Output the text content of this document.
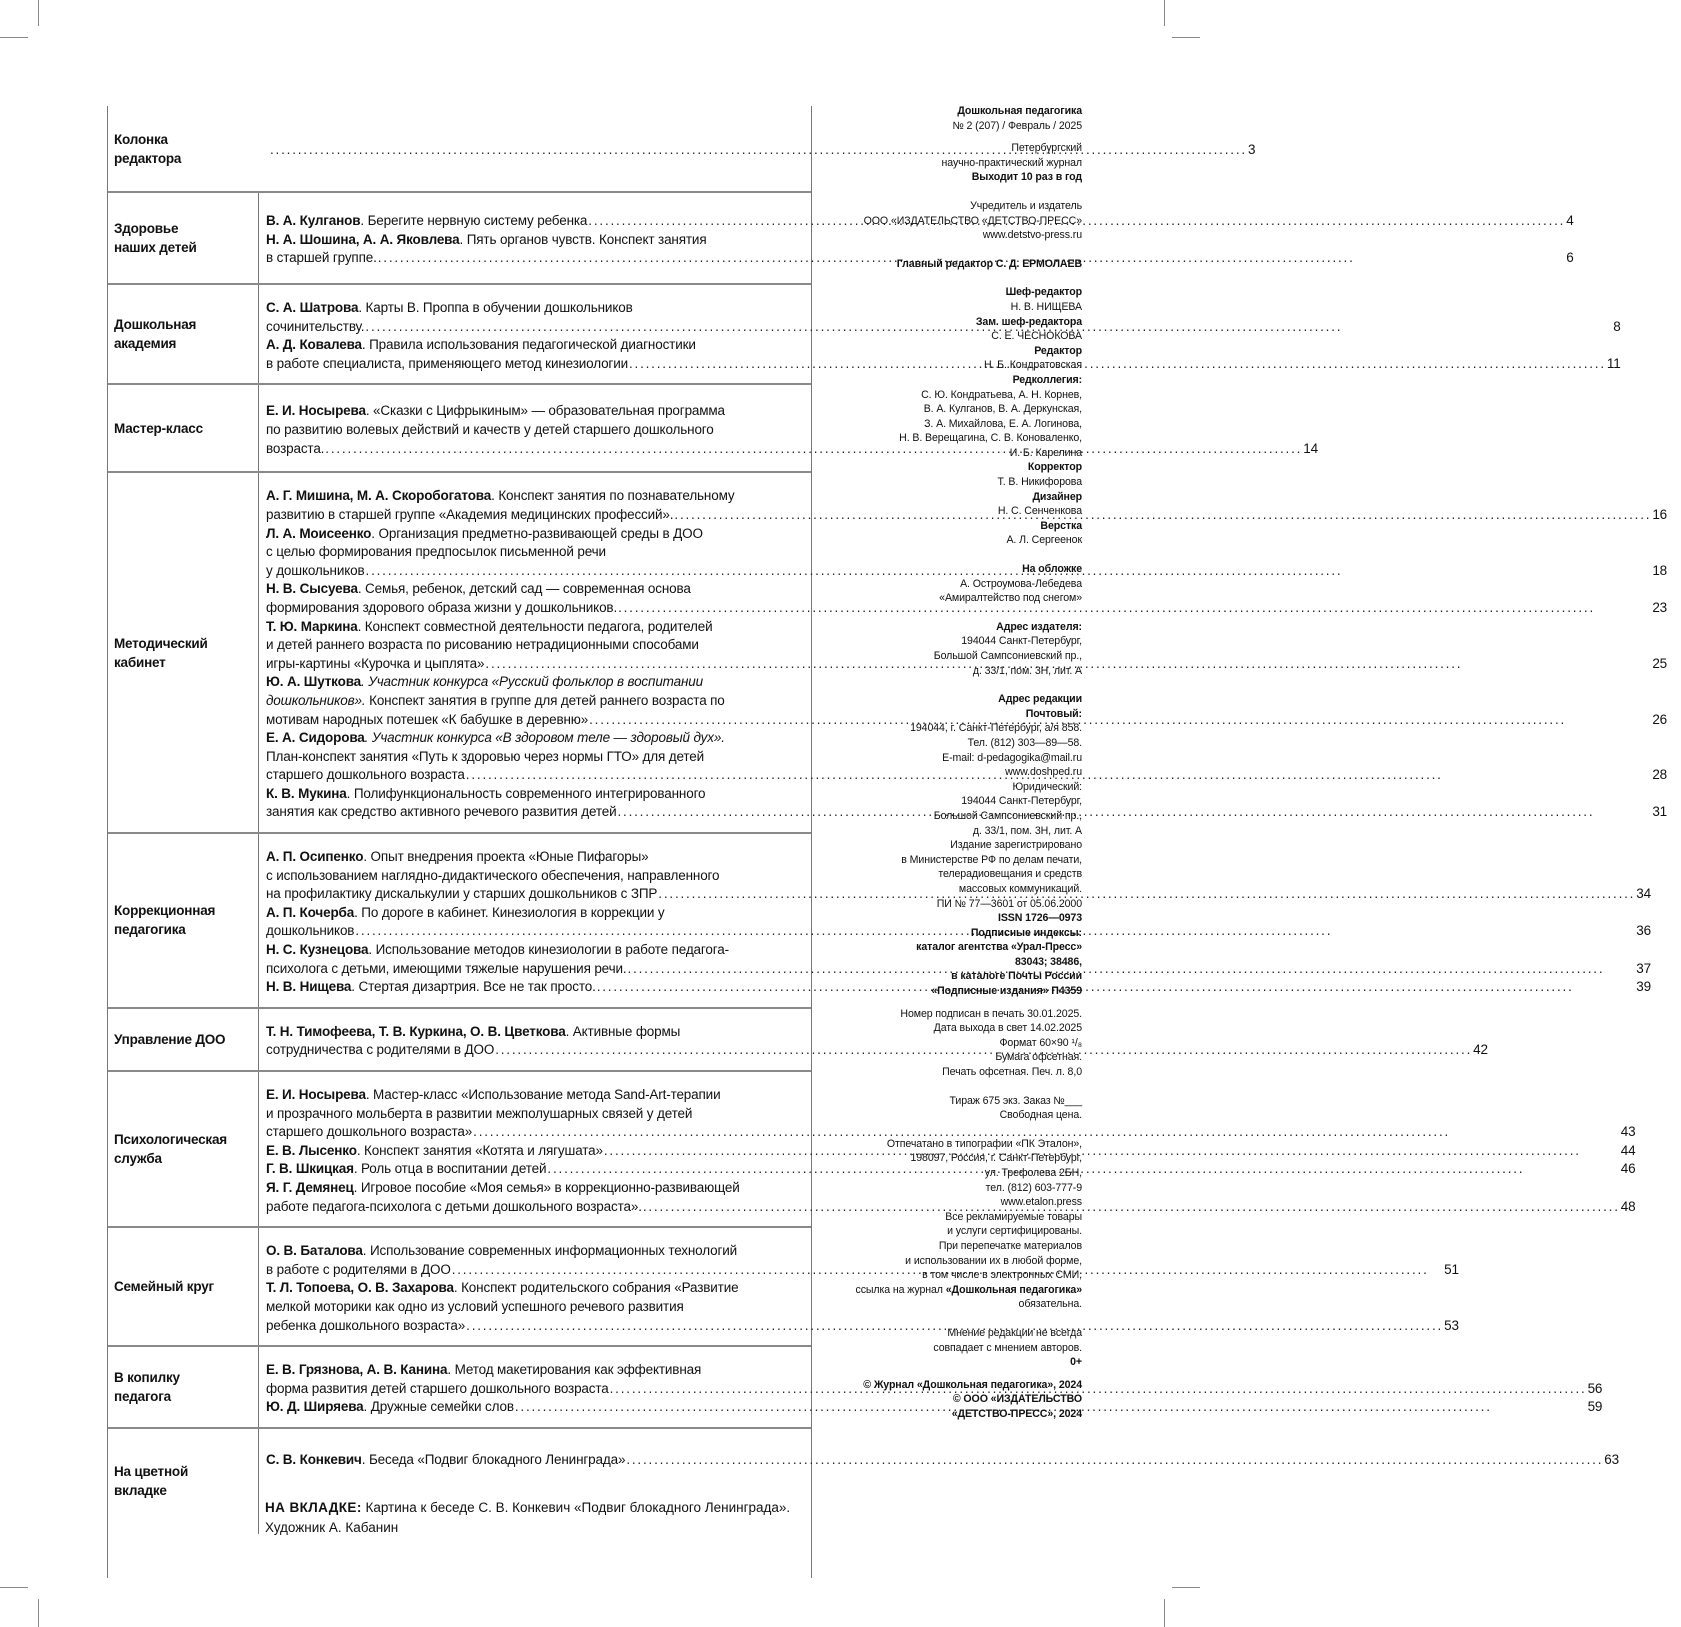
Колонка
редактора
.....
3
Здоровье
наших детей
В. А. Кулганов. Берегите нервную систему ребенка .....	4
Н. А. Шошина, А. А. Яковлева. Пять органов чувств. Конспект занятия
в старшей группе. .....	6
Дошкольная
академия
С. А. Шатрова. Карты В. Проппа в обучении дошкольников
сочинительству. .....	8
А. Д. Ковалева. Правила использования педагогической диагностики
в работе специалиста, применяющего метод кинезиологии .....	11
Мастер-класс
Е. И. Носырева. «Сказки с Цифрыкиным» — образовательная программа
по развитию волевых действий и качеств у детей старшего дошкольного
возраста. .....	14
Методический
кабинет
А. Г. Мишина, М. А. Скоробогатова. Конспект занятия по познавательному
развитию в старшей группе «Академия медицинских профессий». .....	16
Л. А. Моисеенко. Организация предметно-развивающей среды в ДОО
с целью формирования предпосылок письменной речи
у дошкольников .....	18
Н. В. Сысуева. Семья, ребенок, детский сад — современная основа
формирования здорового образа жизни у дошкольников. .....	23
Т. Ю. Маркина. Конспект совместной деятельности педагога, родителей
и детей раннего возраста по рисованию нетрадиционными способами
игры-картины «Курочка и цыплята» .....	25
Ю. А. Шуткова. Участник конкурса «Русский фольклор в воспитании
дошкольников». Конспект занятия в группе для детей раннего возраста по
мотивам народных потешек «К бабушке в деревню» .....	26
Е. А. Сидорова. Участник конкурса «В здоровом теле — здоровый дух».
План-конспект занятия «Путь к здоровью через нормы ГТО» для детей
старшего дошкольного возраста .....	28
К. В. Мукина. Полифункциональность современного интегрированного
занятия как средство активного речевого развития детей .....	31
Коррекционная
педагогика
А. П. Осипенко. Опыт внедрения проекта «Юные Пифагоры»
с использованием наглядно-дидактического обеспечения, направленного
на профилактику дискалькулии у старших дошкольников с ЗПР .....	34
А. П. Кочерба. По дороге в кабинет. Кинезиология в коррекции у
дошкольников .....	36
Н. С. Кузнецова. Использование методов кинезиологии в работе педагога-
психолога с детьми, имеющими тяжелые нарушения речи. .....	37
Н. В. Нищева. Стертая дизартрия. Все не так просто. .....	39
Управление ДОО
Т. Н. Тимофеева, Т. В. Куркина, О. В. Цветкова. Активные формы
сотрудничества с родителями в ДОО .....	42
Психологическая
служба
Е. И. Носырева. Мастер-класс «Использование метода Sand-Art-терапии
и прозрачного мольберта в развитии межполушарных связей у детей
старшего дошкольного возраста» .....	43
Е. В. Лысенко. Конспект занятия «Котята и лягушата» .....	44
Г. В. Шкицкая. Роль отца в воспитании детей .....	46
Я. Г. Демянец. Игровое пособие «Моя семья» в коррекционно-развивающей
работе педагога-психолога с детьми дошкольного возраста». .....	48
Семейный круг
О. В. Баталова. Использование современных информационных технологий
в работе с родителями в ДОО .....	51
Т. Л. Топоева, О. В. Захарова. Конспект родительского собрания «Развитие
мелкой моторики как одно из условий успешного речевого развития
ребенка дошкольного возраста» .....	53
В копилку
педагога
Е. В. Грязнова, А. В. Канина. Метод макетирования как эффективная
форма развития детей старшего дошкольного возраста .....	56
Ю. Д. Ширяева. Дружные семейки слов .....	59
На цветной
вкладке
С. В. Конкевич. Беседа «Подвиг блокадного Ленинграда» .....	63
НА ВКЛАДКЕ: Картина к беседе С. В. Конкевич «Подвиг блокадного Ленинграда». Художник А. Кабанин

Дошкольная педагогика

№ 2 (207) / Февраль / 2025

Петербургский

научно-практический журнал

Выходит 10 раз в год

Учредитель и издатель

ООО «ИЗДАТЕЛЬСТВО «ДЕТСТВО-ПРЕСС»

www.detstvo-press.ru

Главный редактор С. Д. ЕРМОЛАЕВ

Шеф-редактор

Н. В. НИЩЕВА

Зам. шеф-редактора

С. Е. ЧЕСНОКОВА

Редактор

Н. Б. Кондратовская

Редколлегия:

С. Ю. Кондратьева, А. Н. Корнев,

В. А. Кулганов, В. А. Деркунская,

З. А. Михайлова, Е. А. Логинова,

Н. В. Верещагина, С. В. Коноваленко,

И. Б. Карелина

Корректор

Т. В. Никифорова

Дизайнер

Н. С. Сенченкова

Верстка

А. Л. Сергеенок

На обложке

А. Остроумова-Лебедева

«Амиралтейство под снегом»

Адрес издателя:

194044 Санкт-Петербург,

Большой Сампсониевский пр.,

д. 33/1, пом. 3Н, лит. А

Адрес редакции

Почтовый:

194044, г. Санкт-Петербург, а/я 858.

Тел. (812) 303—89—58.

E-mail: d-pedagogika@mail.ru

www.doshped.ru

Юридический:

194044 Санкт-Петербург,

Большой Сампсониевский пр.,

д. 33/1, пом. 3Н, лит. А

Издание зарегистрировано

в Министерстве РФ по делам печати,

телерадиовещания и средств

массовых коммуникаций.

ПИ № 77—3601 от 05.06.2000

ISSN 1726—0973

Подписные индексы:

каталог агентства «Урал-Пресс»

83043; 38486,

в каталоге Почты России

«Подписные издания» П4359

Номер подписан в печать 30.01.2025.

Дата выхода в свет 14.02.2025

Формат 60×90 ¹/₈

Бумага офсетная.

Печать офсетная. Печ. л. 8,0

Тираж 675 экз. Заказ №___

Свободная цена.

Отпечатано в типографии «ПК Эталон»,

198097, Россия, г. Санкт-Петербург,

ул. Трефолева 2БН,

тел. (812) 603-777-9

www.etalon.press

Все рекламируемые товары

и услуги сертифицированы.

При перепечатке материалов

и использовании их в любой форме,

в том числе в электронных СМИ,

ссылка на журнал «Дошкольная педагогика»

обязательна.

Мнение редакции не всегда

совпадает с мнением авторов.

0+

© Журнал «Дошкольная педагогика», 2024

© ООО «ИЗДАТЕЛЬСТВО

«ДЕТСТВО-ПРЕСС», 2024
